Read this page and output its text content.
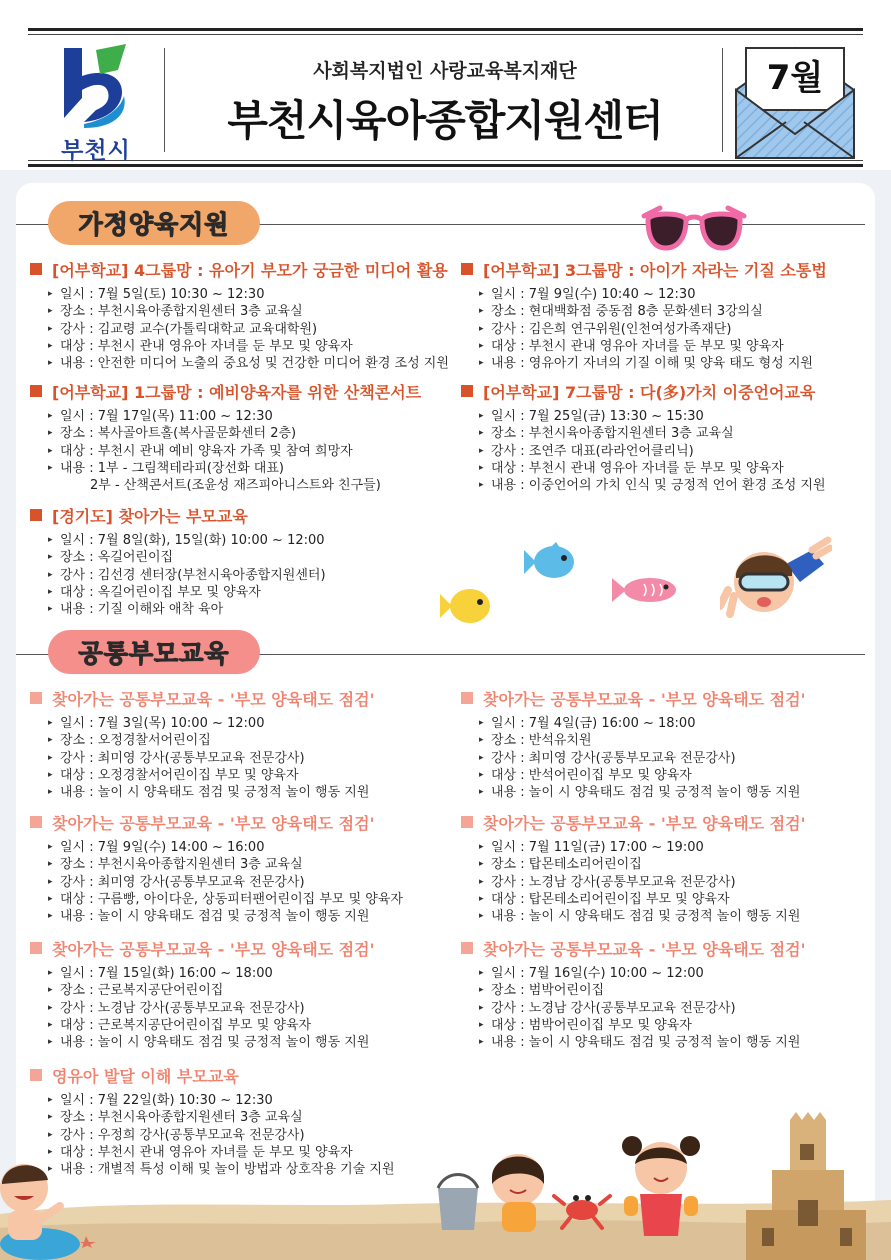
부천시
사회복지법인 사랑교육복지재단
부천시육아종합지원센터
7월
가정양육지원
[어부학교] 4그룹망 : 유아기 부모가 궁금한 미디어 활용
▸ 일시 : 7월 5일(토) 10:30 ~ 12:30
▸ 장소 : 부천시육아종합지원센터 3층 교육실
▸ 강사 : 김교령 교수(가톨릭대학교 교육대학원)
▸ 대상 : 부천시 관내 영유아 자녀를 둔 부모 및 양육자
▸ 내용 : 안전한 미디어 노출의 중요성 및 건강한 미디어 환경 조성 지원
[어부학교] 3그룹망 : 아이가 자라는 기질 소통법
▸ 일시 : 7월 9일(수) 10:40 ~ 12:30
▸ 장소 : 현대백화점 중동점 8층 문화센터 3강의실
▸ 강사 : 김은희 연구위원(인천여성가족재단)
▸ 대상 : 부천시 관내 영유아 자녀를 둔 부모 및 양육자
▸ 내용 : 영유아기 자녀의 기질 이해 및 양육 태도 형성 지원
[어부학교] 1그룹망 : 예비양육자를 위한 산책콘서트
▸ 일시 : 7월 17일(목) 11:00 ~ 12:30
▸ 장소 : 복사골아트홀(복사골문화센터 2층)
▸ 대상 : 부천시 관내 예비 양육자 가족 및 참여 희망자
▸ 내용 : 1부 - 그림책테라피(장선화 대표)
2부 - 산책콘서트(조윤성 재즈피아니스트와 친구들)
[어부학교] 7그룹망 : 다(多)가치 이중언어교육
▸ 일시 : 7월 25일(금) 13:30 ~ 15:30
▸ 장소 : 부천시육아종합지원센터 3층 교육실
▸ 강사 : 조연주 대표(라라언어클리닉)
▸ 대상 : 부천시 관내 영유아 자녀를 둔 부모 및 양육자
▸ 내용 : 이중언어의 가치 인식 및 긍정적 언어 환경 조성 지원
[경기도] 찾아가는 부모교육
▸ 일시 : 7월 8일(화), 15일(화) 10:00 ~ 12:00
▸ 장소 : 옥길어린이집
▸ 강사 : 김선경 센터장(부천시육아종합지원센터)
▸ 대상 : 옥길어린이집 부모 및 양육자
▸ 내용 : 기질 이해와 애착 육아
공통부모교육
찾아가는 공통부모교육 - '부모 양육태도 점검'
▸ 일시 : 7월 3일(목) 10:00 ~ 12:00
▸ 장소 : 오정경찰서어린이집
▸ 강사 : 최미영 강사(공통부모교육 전문강사)
▸ 대상 : 오정경찰서어린이집 부모 및 양육자
▸ 내용 : 놀이 시 양육태도 점검 및 긍정적 놀이 행동 지원
찾아가는 공통부모교육 - '부모 양육태도 점검'
▸ 일시 : 7월 4일(금) 16:00 ~ 18:00
▸ 장소 : 반석유치원
▸ 강사 : 최미영 강사(공통부모교육 전문강사)
▸ 대상 : 반석어린이집 부모 및 양육자
▸ 내용 : 놀이 시 양육태도 점검 및 긍정적 놀이 행동 지원
찾아가는 공통부모교육 - '부모 양육태도 점검'
▸ 일시 : 7월 9일(수) 14:00 ~ 16:00
▸ 장소 : 부천시육아종합지원센터 3층 교육실
▸ 강사 : 최미영 강사(공통부모교육 전문강사)
▸ 대상 : 구름빵, 아이다운, 상동피터팬어린이집 부모 및 양육자
▸ 내용 : 놀이 시 양육태도 점검 및 긍정적 놀이 행동 지원
찾아가는 공통부모교육 - '부모 양육태도 점검'
▸ 일시 : 7월 11일(금) 17:00 ~ 19:00
▸ 장소 : 탑몬테소리어린이집
▸ 강사 : 노경남 강사(공통부모교육 전문강사)
▸ 대상 : 탑몬테소리어린이집 부모 및 양육자
▸ 내용 : 놀이 시 양육태도 점검 및 긍정적 놀이 행동 지원
찾아가는 공통부모교육 - '부모 양육태도 점검'
▸ 일시 : 7월 15일(화) 16:00 ~ 18:00
▸ 장소 : 근로복지공단어린이집
▸ 강사 : 노경남 강사(공통부모교육 전문강사)
▸ 대상 : 근로복지공단어린이집 부모 및 양육자
▸ 내용 : 놀이 시 양육태도 점검 및 긍정적 놀이 행동 지원
찾아가는 공통부모교육 - '부모 양육태도 점검'
▸ 일시 : 7월 16일(수) 10:00 ~ 12:00
▸ 장소 : 범박어린이집
▸ 강사 : 노경남 강사(공통부모교육 전문강사)
▸ 대상 : 범박어린이집 부모 및 양육자
▸ 내용 : 놀이 시 양육태도 점검 및 긍정적 놀이 행동 지원
영유아 발달 이해 부모교육
▸ 일시 : 7월 22일(화) 10:30 ~ 12:30
▸ 장소 : 부천시육아종합지원센터 3층 교육실
▸ 강사 : 우정희 강사(공통부모교육 전문강사)
▸ 대상 : 부천시 관내 영유아 자녀를 둔 부모 및 양육자
▸ 내용 : 개별적 특성 이해 및 놀이 방법과 상호작용 기술 지원
